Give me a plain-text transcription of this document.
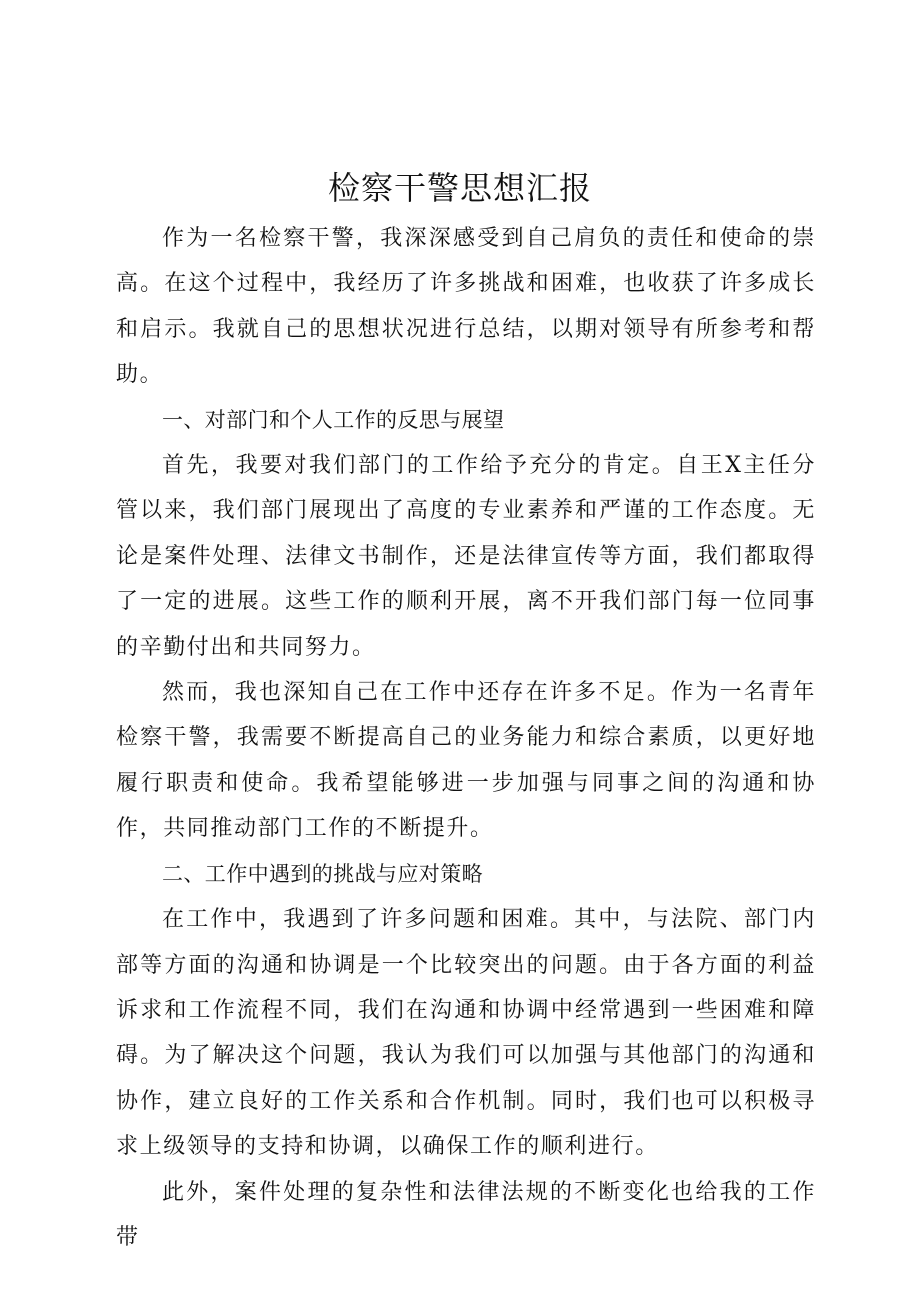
检察干警思想汇报

作为一名检察干警，我深深感受到自己肩负的责任和使命的崇高。在这个过程中，我经历了许多挑战和困难，也收获了许多成长和启示。我就自己的思想状况进行总结，以期对领导有所参考和帮助。

一、对部门和个人工作的反思与展望

首先，我要对我们部门的工作给予充分的肯定。自王X主任分管以来，我们部门展现出了高度的专业素养和严谨的工作态度。无论是案件处理、法律文书制作，还是法律宣传等方面，我们都取得了一定的进展。这些工作的顺利开展，离不开我们部门每一位同事的辛勤付出和共同努力。

然而，我也深知自己在工作中还存在许多不足。作为一名青年检察干警，我需要不断提高自己的业务能力和综合素质，以更好地履行职责和使命。我希望能够进一步加强与同事之间的沟通和协作，共同推动部门工作的不断提升。

二、工作中遇到的挑战与应对策略

在工作中，我遇到了许多问题和困难。其中，与法院、部门内部等方面的沟通和协调是一个比较突出的问题。由于各方面的利益诉求和工作流程不同，我们在沟通和协调中经常遇到一些困难和障碍。为了解决这个问题，我认为我们可以加强与其他部门的沟通和协作，建立良好的工作关系和合作机制。同时，我们也可以积极寻求上级领导的支持和协调，以确保工作的顺利进行。

此外，案件处理的复杂性和法律法规的不断变化也给我的工作带
